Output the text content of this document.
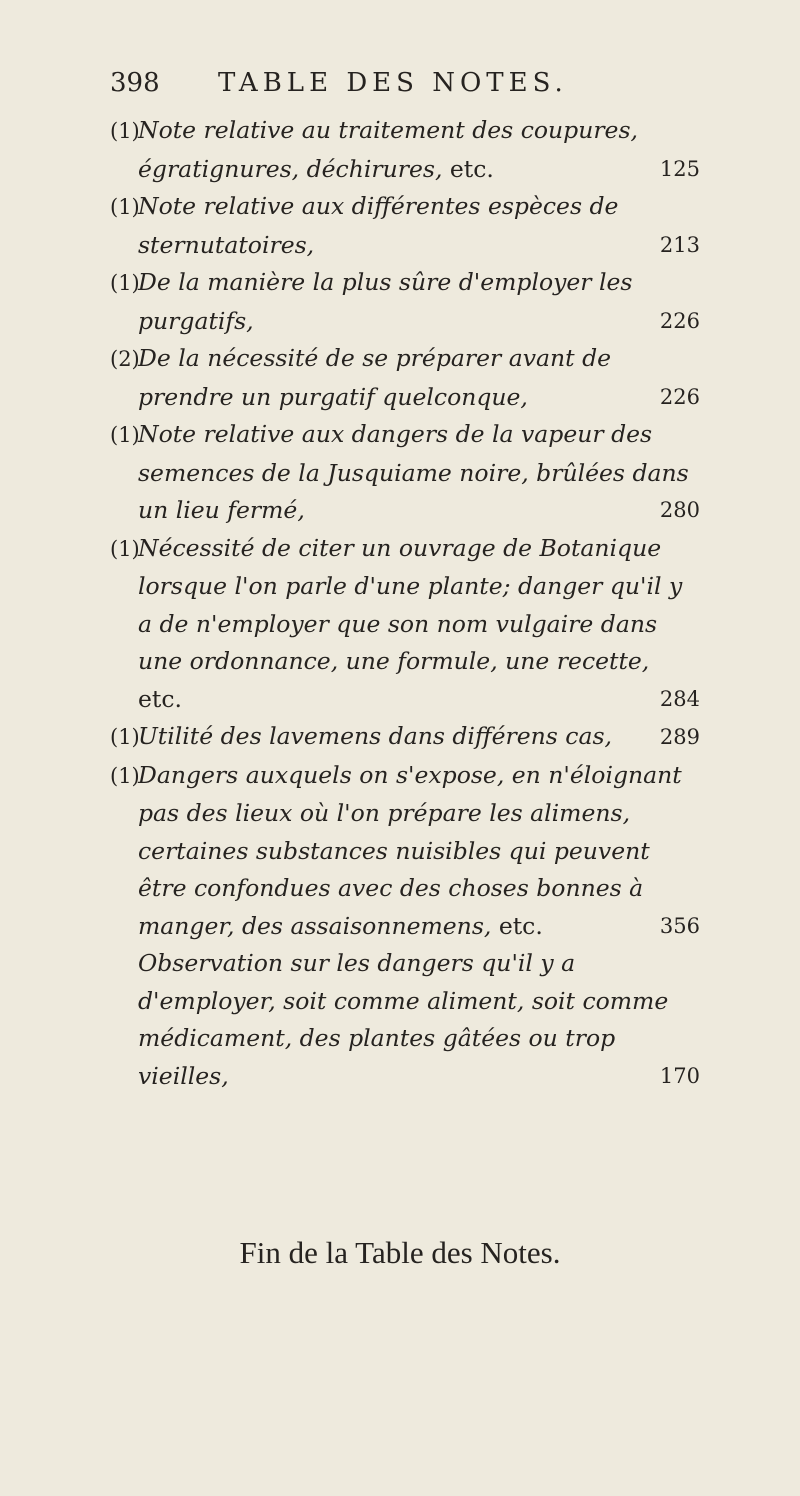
398	TABLE DES NOTES.
(1)Note relative au traitement des coupures, égratignures, déchirures, etc.	125
(1)Note relative aux différentes espèces de sternutatoires,	213
(1)De la manière la plus sûre d'employer les purgatifs,	226
(2)De la nécessité de se préparer avant de prendre un purgatif quelconque,	226
(1)Note relative aux dangers de la vapeur des semences de la Jusquiame noire, brûlées dans un lieu fermé,	280
(1)Nécessité de citer un ouvrage de Botanique lorsque l'on parle d'une plante; danger qu'il y a de n'employer que son nom vulgaire dans une ordonnance, une formule, une recette, etc.	284
(1)Utilité des lavemens dans différens cas, 289
(1)Dangers auxquels on s'expose, en n'éloignant pas des lieux où l'on prépare les alimens, certaines substances nuisibles qui peuvent être confondues avec des choses bonnes à manger, des assaisonnemens, etc.	356
Observation sur les dangers qu'il y a d'employer, soit comme aliment, soit comme médicament, des plantes gâtées ou trop vieilles,	170
Fin de la Table des Notes.
